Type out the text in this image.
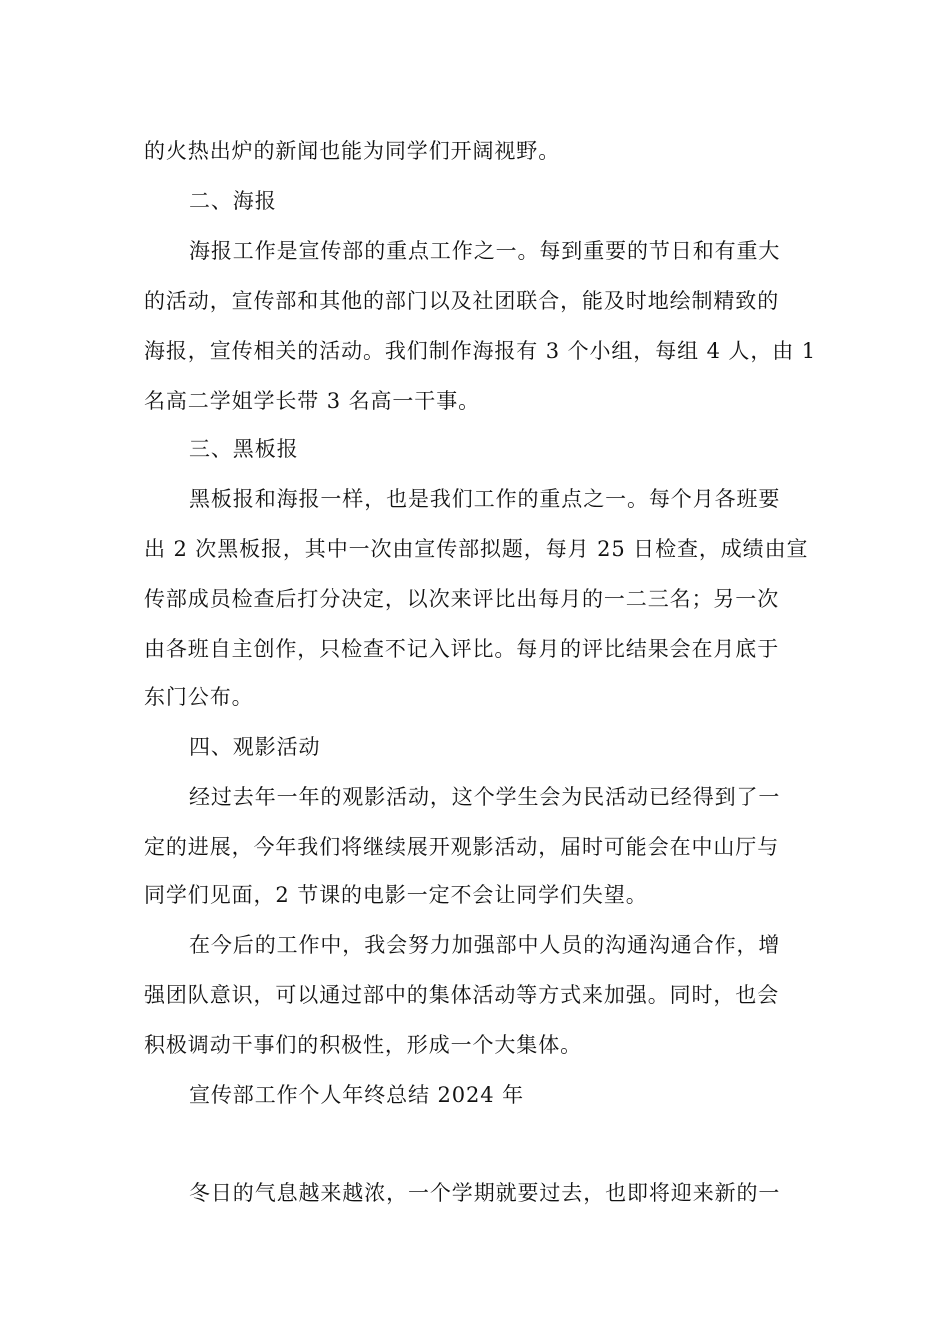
的火热出炉的新闻也能为同学们开阔视野。
二、海报
海报工作是宣传部的重点工作之一。每到重要的节日和有重大
的活动，宣传部和其他的部门以及社团联合，能及时地绘制精致的
海报，宣传相关的活动。我们制作海报有 3 个小组，每组 4 人，由 1
名高二学姐学长带 3 名高一干事。
三、黑板报
黑板报和海报一样，也是我们工作的重点之一。每个月各班要
出 2 次黑板报，其中一次由宣传部拟题，每月 25 日检查，成绩由宣
传部成员检查后打分决定，以次来评比出每月的一二三名；另一次
由各班自主创作，只检查不记入评比。每月的评比结果会在月底于
东门公布。
四、观影活动
经过去年一年的观影活动，这个学生会为民活动已经得到了一
定的进展，今年我们将继续展开观影活动，届时可能会在中山厅与
同学们见面，2 节课的电影一定不会让同学们失望。
在今后的工作中，我会努力加强部中人员的沟通沟通合作，增
强团队意识，可以通过部中的集体活动等方式来加强。同时，也会
积极调动干事们的积极性，形成一个大集体。
宣传部工作个人年终总结 2024 年
冬日的气息越来越浓，一个学期就要过去，也即将迎来新的一
